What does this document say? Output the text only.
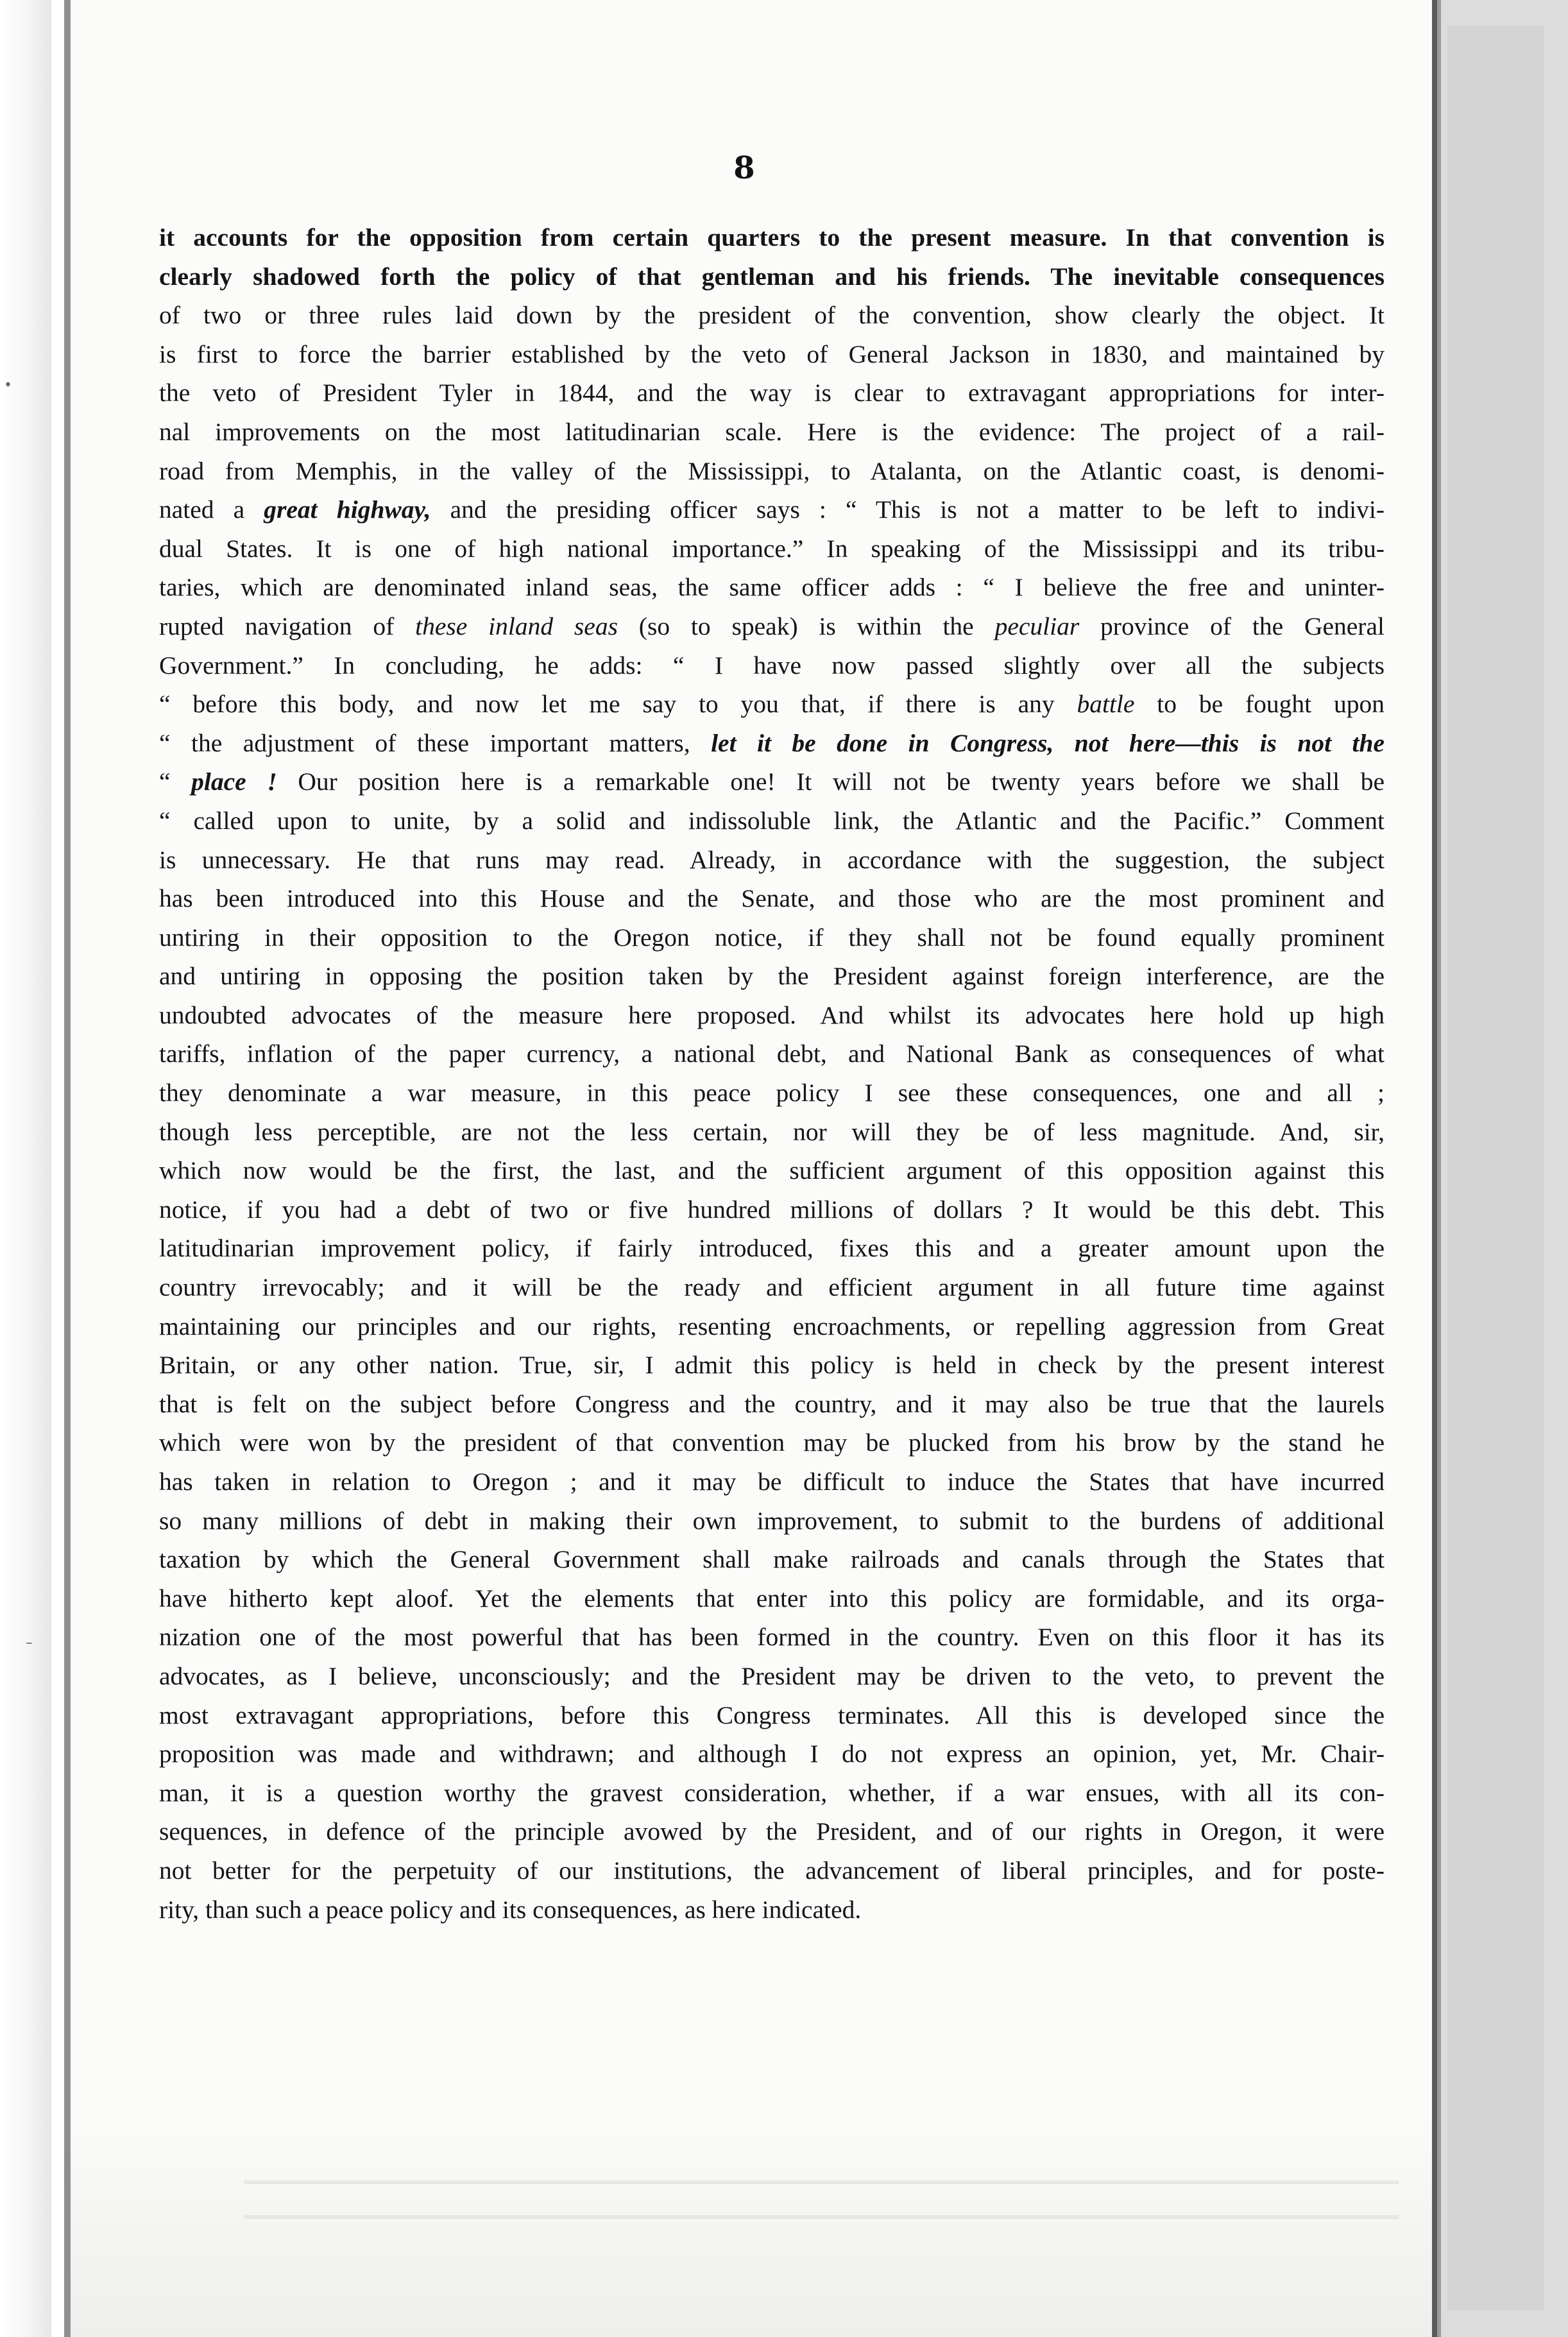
•
–
8
it accounts for the opposition from certain quarters to the present measure. In that convention is
clearly shadowed forth the policy of that gentleman and his friends. The inevitable consequences
of two or three rules laid down by the president of the convention, show clearly the object. It
is first to force the barrier established by the veto of General Jackson in 1830, and maintained by
the veto of President Tyler in 1844, and the way is clear to extravagant appropriations for inter-
nal improvements on the most latitudinarian scale. Here is the evidence: The project of a rail-
road from Memphis, in the valley of the Mississippi, to Atalanta, on the Atlantic coast, is denomi-
nated a great highway, and the presiding officer says : “ This is not a matter to be left to indivi-
dual States. It is one of high national importance.” In speaking of the Mississippi and its tribu-
taries, which are denominated inland seas, the same officer adds : “ I believe the free and uninter-
rupted navigation of these inland seas (so to speak) is within the peculiar province of the General
Government.” In concluding, he adds: “ I have now passed slightly over all the subjects
“ before this body, and now let me say to you that, if there is any battle to be fought upon
“ the adjustment of these important matters, let it be done in Congress, not here—this is not the
“ place ! Our position here is a remarkable one! It will not be twenty years before we shall be
“ called upon to unite, by a solid and indissoluble link, the Atlantic and the Pacific.” Comment
is unnecessary. He that runs may read. Already, in accordance with the suggestion, the subject
has been introduced into this House and the Senate, and those who are the most prominent and
untiring in their opposition to the Oregon notice, if they shall not be found equally prominent
and untiring in opposing the position taken by the President against foreign interference, are the
undoubted advocates of the measure here proposed. And whilst its advocates here hold up high
tariffs, inflation of the paper currency, a national debt, and National Bank as consequences of what
they denominate a war measure, in this peace policy I see these consequences, one and all ;
though less perceptible, are not the less certain, nor will they be of less magnitude. And, sir,
which now would be the first, the last, and the sufficient argument of this opposition against this
notice, if you had a debt of two or five hundred millions of dollars ? It would be this debt. This
latitudinarian improvement policy, if fairly introduced, fixes this and a greater amount upon the
country irrevocably; and it will be the ready and efficient argument in all future time against
maintaining our principles and our rights, resenting encroachments, or repelling aggression from Great
Britain, or any other nation. True, sir, I admit this policy is held in check by the present interest
that is felt on the subject before Congress and the country, and it may also be true that the laurels
which were won by the president of that convention may be plucked from his brow by the stand he
has taken in relation to Oregon ; and it may be difficult to induce the States that have incurred
so many millions of debt in making their own improvement, to submit to the burdens of additional
taxation by which the General Government shall make railroads and canals through the States that
have hitherto kept aloof. Yet the elements that enter into this policy are formidable, and its orga-
nization one of the most powerful that has been formed in the country. Even on this floor it has its
advocates, as I believe, unconsciously; and the President may be driven to the veto, to prevent the
most extravagant appropriations, before this Congress terminates. All this is developed since the
proposition was made and withdrawn; and although I do not express an opinion, yet, Mr. Chair-
man, it is a question worthy the gravest consideration, whether, if a war ensues, with all its con-
sequences, in defence of the principle avowed by the President, and of our rights in Oregon, it were
not better for the perpetuity of our institutions, the advancement of liberal principles, and for poste-
rity, than such a peace policy and its consequences, as here indicated.
